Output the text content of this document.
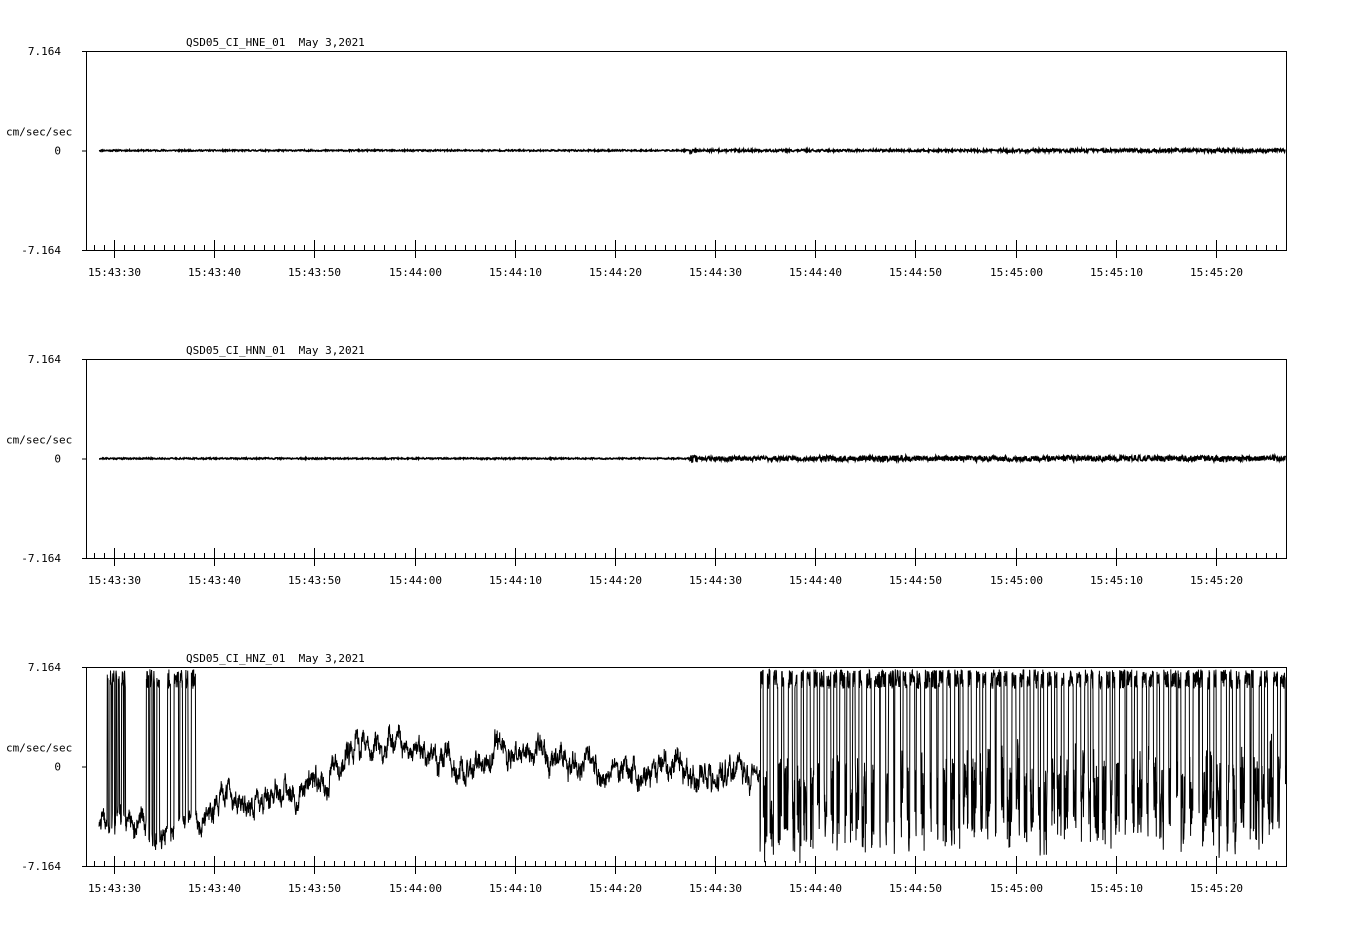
QSD05_CI_HNE_01  May 3,2021
7.164
0
-7.164
cm/sec/sec
15:43:30	15:43:40	15:43:50	15:44:00	15:44:10	15:44:20	15:44:30	15:44:40	15:44:50	15:45:00	15:45:10	15:45:20
QSD05_CI_HNN_01  May 3,2021
7.164
0
-7.164
cm/sec/sec
15:43:30	15:43:40	15:43:50	15:44:00	15:44:10	15:44:20	15:44:30	15:44:40	15:44:50	15:45:00	15:45:10	15:45:20
QSD05_CI_HNZ_01  May 3,2021
7.164
0
-7.164
cm/sec/sec
15:43:30	15:43:40	15:43:50	15:44:00	15:44:10	15:44:20	15:44:30	15:44:40	15:44:50	15:45:00	15:45:10	15:45:20
